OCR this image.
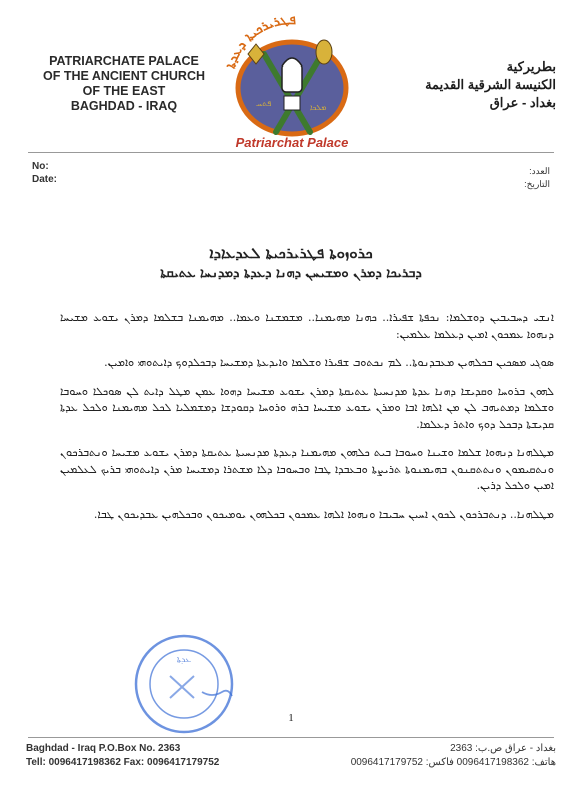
PATRIARCHATE PALACE
OF THE ANCIENT CHURCH
OF THE EAST
BAGHDAD - IRAQ
ܦܛܪܝܪܟܝܬܐ ܕܥܕܬܐ
ܦܬܚ	ܡܠܟܐ
Patriarchat Palace
بطريركية
الكنيسة الشرقية القديمة
بغداد - عراق
No:
Date:
العدد:
التاريخ:
ܟܪܘܙܘܬܐ ܦܛܪܝܪܟܝܬܐ ܠܥܕܥܐܕܐ
ܕܒܪܝܟܐ ܕܡܪܢ ܘܡܫܝܚܢ ܕܗܢܐ ܕܥܕܬܐ ܕܡܕܢܚܐ ܥܬܝܩܬܐ

ܐܢܫܝ ܕܚܒܝܒܝܢ ܕܘܫܠܡܐ: ܢܟܦܬܐ ܫܦܝܪܐ.. ܟܗܢܐ ܡܗܝܡܢܐ.. ܡܫܡܫܢܐ ܘܥܡܐ.. ܡܗܝܡܢܐ ܒܫܠܡܐ ܕܡܪܢ ܝܫܘܥ ܡܫܝܚܐ ܕܢܗܘܐ ܥܡܟܘܢ ܐܡܝܢ ܕܥܠܡܐ ܥܠܡܝܢ:

ܣܘܓܝ ܡܣܟܝܢ ܒܟܠܗܝܢ ܡܥܒܕܢܘܬܐ.. ܠܡ ܢܟܬܘܒ ܫܦܝܪܐ ܘܫܠܡܐ ܘܐܝܕܥܬܐ ܕܡܫܝܚܐ ܕܒܟܠܕܘܟ ܕܐܝܬܘܗܝ ܘܐܡܝܢ.

ܠܗܘܢ ܒܪܘܚܐ ܘܩܕܝܫܐ ܕܗܢܐ ܥܕܬܐ ܡܕܢܚܝܬܐ ܥܬܝܩܬܐ ܕܡܪܢ ܝܫܘܥ ܡܫܝܚܐ ܕܗܘܐ ܥܡܢ ܡܛܠ ܕܐܝܬ ܠܢ ܣܘܟܠܐ ܘܚܘܒܐ ܘܫܠܡܐ ܕܡܬܝܗܒ ܠܢ ܡܢ ܐܠܗܐ ܐܒܐ ܘܡܪܢ ܝܫܘܥ ܡܫܝܚܐ ܒܪܗ ܘܪܘܚܐ ܕܩܘܕܫܐ ܕܡܫܡܠܝܐ ܠܟܠ ܡܗܝܡܢܐ ܘܠܟܠ ܥܕܬܐ ܩܕܝܫܬܐ ܕܒܟܠ ܕܘܟ ܘܐܬܪ ܕܥܠܡܐ.

ܡܛܠܗܢܐ ܕܢܗܘܐ ܫܠܡܐ ܘܫܝܢܐ ܘܚܘܒܐ ܒܝܬ ܟܠܗܘܢ ܡܗܝܡܢܐ ܕܥܕܬܐ ܡܕܢܚܝܬܐ ܥܬܝܩܬܐ ܕܡܪܢ ܝܫܘܥ ܡܫܝܚܐ ܘܢܬܒܪܟܘܢ ܘܢܬܩܝܡܘܢ ܘܢܬܬܩܢܘܢ ܒܗܝܡܢܘܬܐ ܬܪܝܨܬܐ ܘܒܥܒܕܐ ܛܒܐ ܘܒܚܘܒܐ ܕܠܐ ܡܫܬܪܐ ܕܡܫܝܚܐ ܡܪܢ ܕܐܝܬܘܗܝ ܒܪܝܟ ܠܥܠܡܝܢ ܐܡܝܢ ܘܠܟܠ ܕܪܝܢ.

ܡܛܠܗܢܐ.. ܕܢܬܒܪܟܘܢ ܠܟܘܢ ܐܚܝܢ ܚܒܝܒܐ ܘܢܗܘܐ ܐܠܗܐ ܥܡܟܘܢ ܒܟܠܗܘܢ ܝܘܡܝܟܘܢ ܘܒܟܠܗܝܢ ܥܒܕܝܟܘܢ ܛܒܐ.

ܥܕܬܐ
1
Baghdad - Iraq P.O.Box No. 2363
Tell: 0096417198362 Fax: 0096417179752
بغداد - عراق ص.ب: 2363
هاتف: 0096417198362 فاكس: 0096417179752
